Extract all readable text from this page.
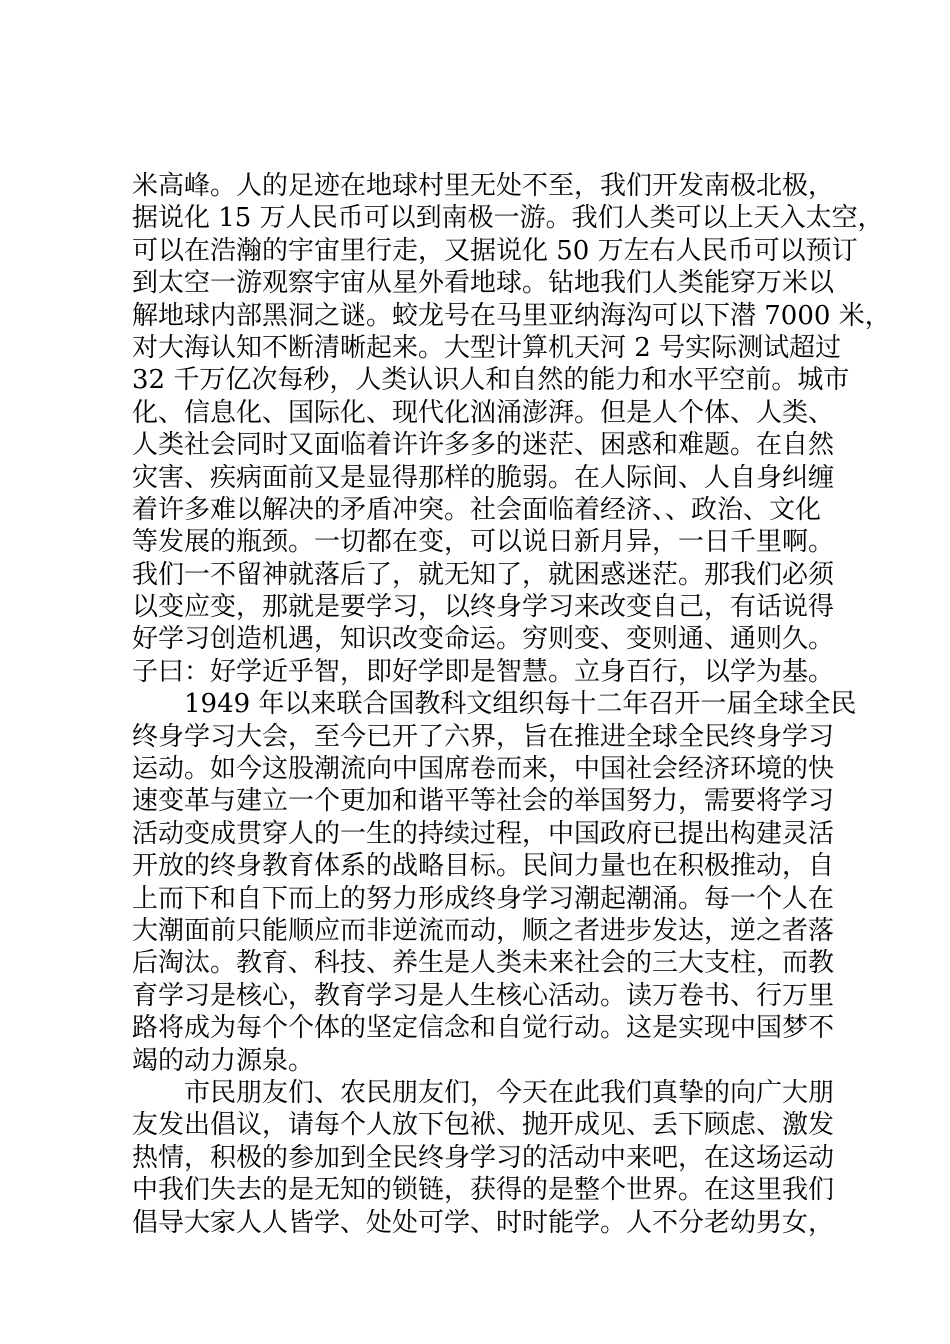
米高峰。人的足迹在地球村里无处不至，我们开发南极北极，
据说化 15 万人民币可以到南极一游。我们人类可以上天入太空，
可以在浩瀚的宇宙里行走，又据说化 50 万左右人民币可以预订
到太空一游观察宇宙从星外看地球。钻地我们人类能穿万米以
解地球内部黑洞之谜。蛟龙号在马里亚纳海沟可以下潜 7000 米，
对大海认知不断清晰起来。大型计算机天河 2 号实际测试超过
32 千万亿次每秒，人类认识人和自然的能力和水平空前。城市
化、信息化、国际化、现代化汹涌澎湃。但是人个体、人类、
人类社会同时又面临着许许多多的迷茫、困惑和难题。在自然
灾害、疾病面前又是显得那样的脆弱。在人际间、人自身纠缠
着许多难以解决的矛盾冲突。社会面临着经济、、政治、文化
等发展的瓶颈。一切都在变，可以说日新月异，一日千里啊。
我们一不留神就落后了，就无知了，就困惑迷茫。那我们必须
以变应变，那就是要学习，以终身学习来改变自己，有话说得
好学习创造机遇，知识改变命运。穷则变、变则通、通则久。
子曰：好学近乎智，即好学即是智慧。立身百行，以学为基。
　　1949 年以来联合国教科文组织每十二年召开一届全球全民
终身学习大会，至今已开了六界，旨在推进全球全民终身学习
运动。如今这股潮流向中国席卷而来，中国社会经济环境的快
速变革与建立一个更加和谐平等社会的举国努力，需要将学习
活动变成贯穿人的一生的持续过程，中国政府已提出构建灵活
开放的终身教育体系的战略目标。民间力量也在积极推动，自
上而下和自下而上的努力形成终身学习潮起潮涌。每一个人在
大潮面前只能顺应而非逆流而动，顺之者进步发达，逆之者落
后淘汰。教育、科技、养生是人类未来社会的三大支柱，而教
育学习是核心，教育学习是人生核心活动。读万卷书、行万里
路将成为每个个体的坚定信念和自觉行动。这是实现中国梦不
竭的动力源泉。
　　市民朋友们、农民朋友们，今天在此我们真挚的向广大朋
友发出倡议，请每个人放下包袱、抛开成见、丢下顾虑、激发
热情，积极的参加到全民终身学习的活动中来吧，在这场运动
中我们失去的是无知的锁链，获得的是整个世界。在这里我们
倡导大家人人皆学、处处可学、时时能学。人不分老幼男女，
